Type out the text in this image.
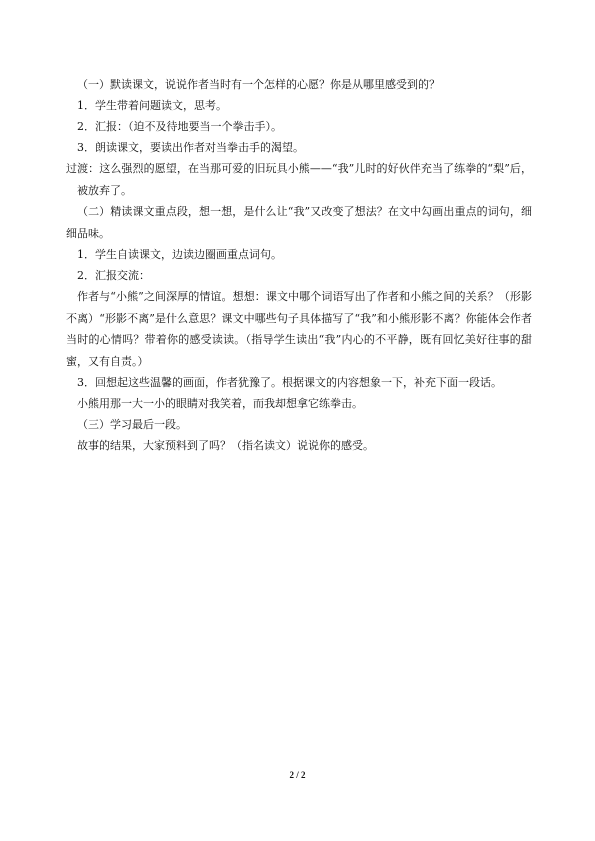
（一）默读课文，说说作者当时有一个怎样的心愿？你是从哪里感受到的？

1．学生带着问题读文，思考。

2．汇报：（迫不及待地要当一个拳击手）。

3．朗读课文，要读出作者对当拳击手的渴望。

过渡：这么强烈的愿望，在当那可爱的旧玩具小熊——“我”儿时的好伙伴充当了练拳的“梨”后，被放弃了。

（二）精读课文重点段，想一想，是什么让“我”又改变了想法？在文中勾画出重点的词句，细细品味。

1．学生自读课文，边读边圈画重点词句。

2．汇报交流：

作者与“小熊”之间深厚的情谊。想想：课文中哪个词语写出了作者和小熊之间的关系？（形影不离）“形影不离”是什么意思？课文中哪些句子具体描写了“我”和小熊形影不离？你能体会作者当时的心情吗？带着你的感受读读。（指导学生读出“我”内心的不平静，既有回忆美好往事的甜蜜，又有自责。）

3．回想起这些温馨的画面，作者犹豫了。根据课文的内容想象一下，补充下面一段话。

小熊用那一大一小的眼睛对我笑着，而我却想拿它练拳击。

（三）学习最后一段。

故事的结果，大家预料到了吗？（指名读文）说说你的感受。

2 / 2
